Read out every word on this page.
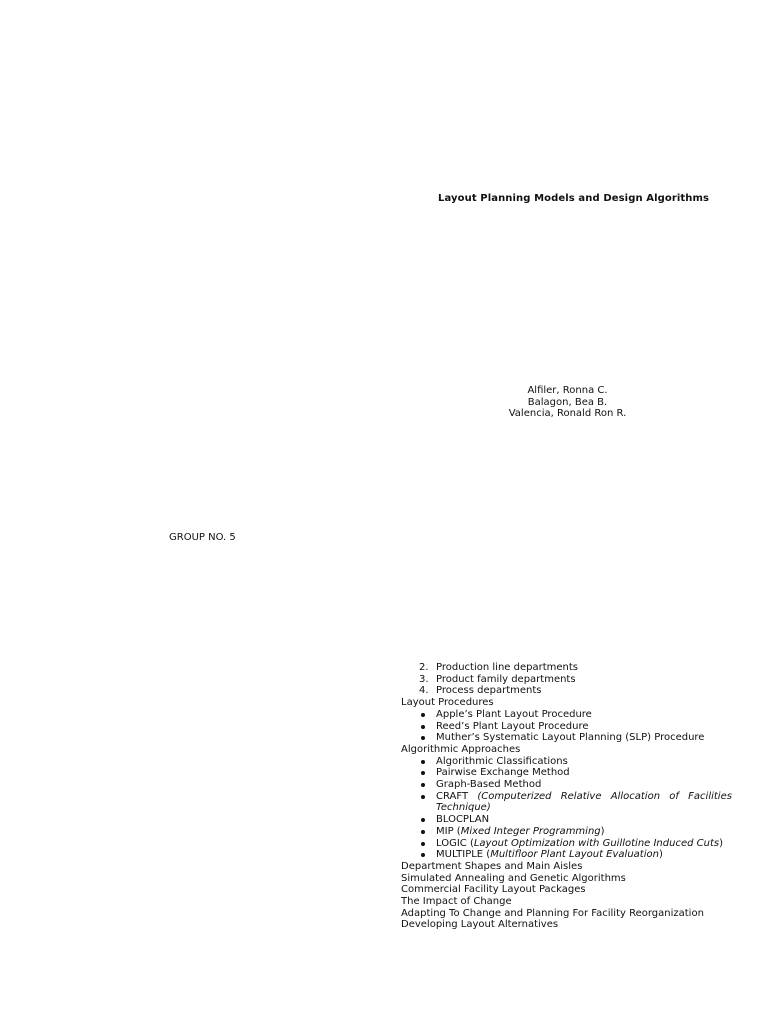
Layout Planning Models and Design Algorithms
Alfiler, Ronna C.
Balagon, Bea B.
Valencia, Ronald Ron R.
GROUP NO. 5
2. Production line departments
3. Product family departments
4. Process departments
Layout Procedures
Apple’s Plant Layout Procedure
Reed’s Plant Layout Procedure
Muther’s Systematic Layout Planning (SLP) Procedure
Algorithmic Approaches
Algorithmic Classifications
Pairwise Exchange Method
Graph-Based Method
CRAFT (Computerized Relative Allocation of Facilities
Technique)
BLOCPLAN
MIP (Mixed Integer Programming)
LOGIC (Layout Optimization with Guillotine Induced Cuts)
MULTIPLE (Multifloor Plant Layout Evaluation)
Department Shapes and Main Aisles
Simulated Annealing and Genetic Algorithms
Commercial Facility Layout Packages
The Impact of Change
Adapting To Change and Planning For Facility Reorganization
Developing Layout Alternatives
